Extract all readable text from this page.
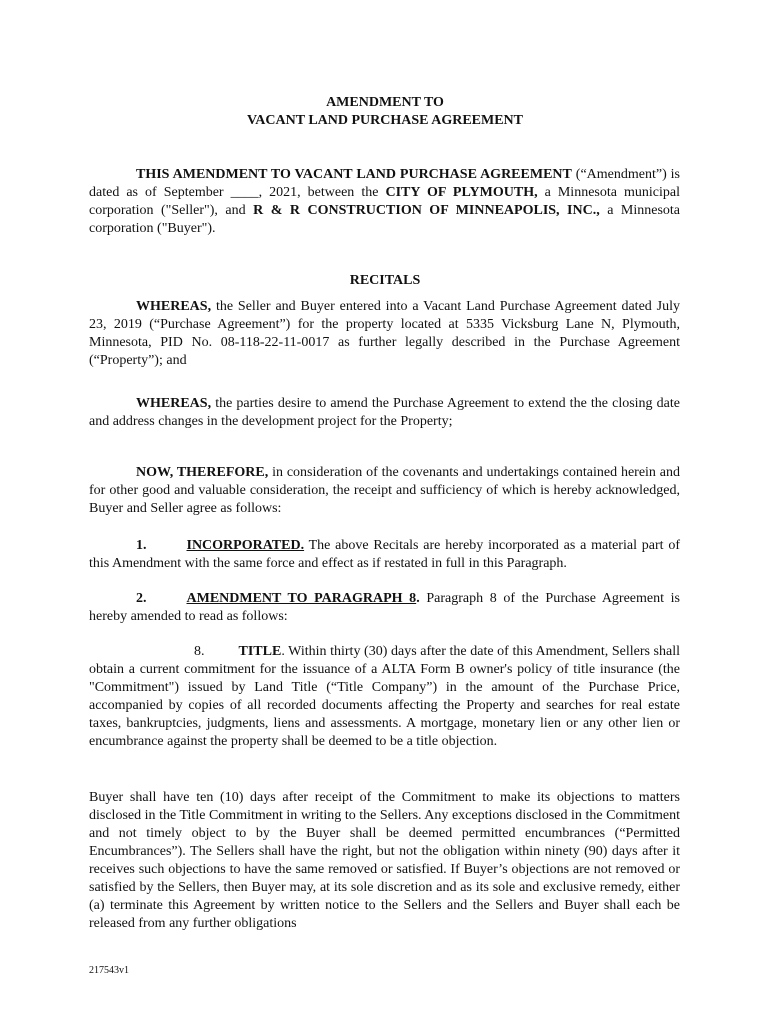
AMENDMENT TO
VACANT LAND PURCHASE AGREEMENT
THIS AMENDMENT TO VACANT LAND PURCHASE AGREEMENT (“Amendment”) is dated as of September ____, 2021, between the CITY OF PLYMOUTH, a Minnesota municipal corporation ("Seller"), and R & R CONSTRUCTION OF MINNEAPOLIS, INC., a Minnesota corporation ("Buyer").
RECITALS
WHEREAS, the Seller and Buyer entered into a Vacant Land Purchase Agreement dated July 23, 2019 (“Purchase Agreement”) for the property located at 5335 Vicksburg Lane N, Plymouth, Minnesota, PID No. 08-118-22-11-0017 as further legally described in the Purchase Agreement (“Property”); and
WHEREAS, the parties desire to amend the Purchase Agreement to extend the the closing date and address changes in the development project for the Property;
NOW, THEREFORE, in consideration of the covenants and undertakings contained herein and for other good and valuable consideration, the receipt and sufficiency of which is hereby acknowledged, Buyer and Seller agree as follows:
1.	INCORPORATED. The above Recitals are hereby incorporated as a material part of this Amendment with the same force and effect as if restated in full in this Paragraph.
2.	AMENDMENT TO PARAGRAPH 8. Paragraph 8 of the Purchase Agreement is hereby amended to read as follows:
8. TITLE. Within thirty (30) days after the date of this Amendment, Sellers shall obtain a current commitment for the issuance of a ALTA Form B owner's policy of title insurance (the "Commitment") issued by Land Title (“Title Company”) in the amount of the Purchase Price, accompanied by copies of all recorded documents affecting the Property and searches for real estate taxes, bankruptcies, judgments, liens and assessments. A mortgage, monetary lien or any other lien or encumbrance against the property shall be deemed to be a title objection.
Buyer shall have ten (10) days after receipt of the Commitment to make its objections to matters disclosed in the Title Commitment in writing to the Sellers. Any exceptions disclosed in the Commitment and not timely object to by the Buyer shall be deemed permitted encumbrances (“Permitted Encumbrances”). The Sellers shall have the right, but not the obligation within ninety (90) days after it receives such objections to have the same removed or satisfied. If Buyer’s objections are not removed or satisfied by the Sellers, then Buyer may, at its sole discretion and as its sole and exclusive remedy, either (a) terminate this Agreement by written notice to the Sellers and the Sellers and Buyer shall each be released from any further obligations
217543v1
